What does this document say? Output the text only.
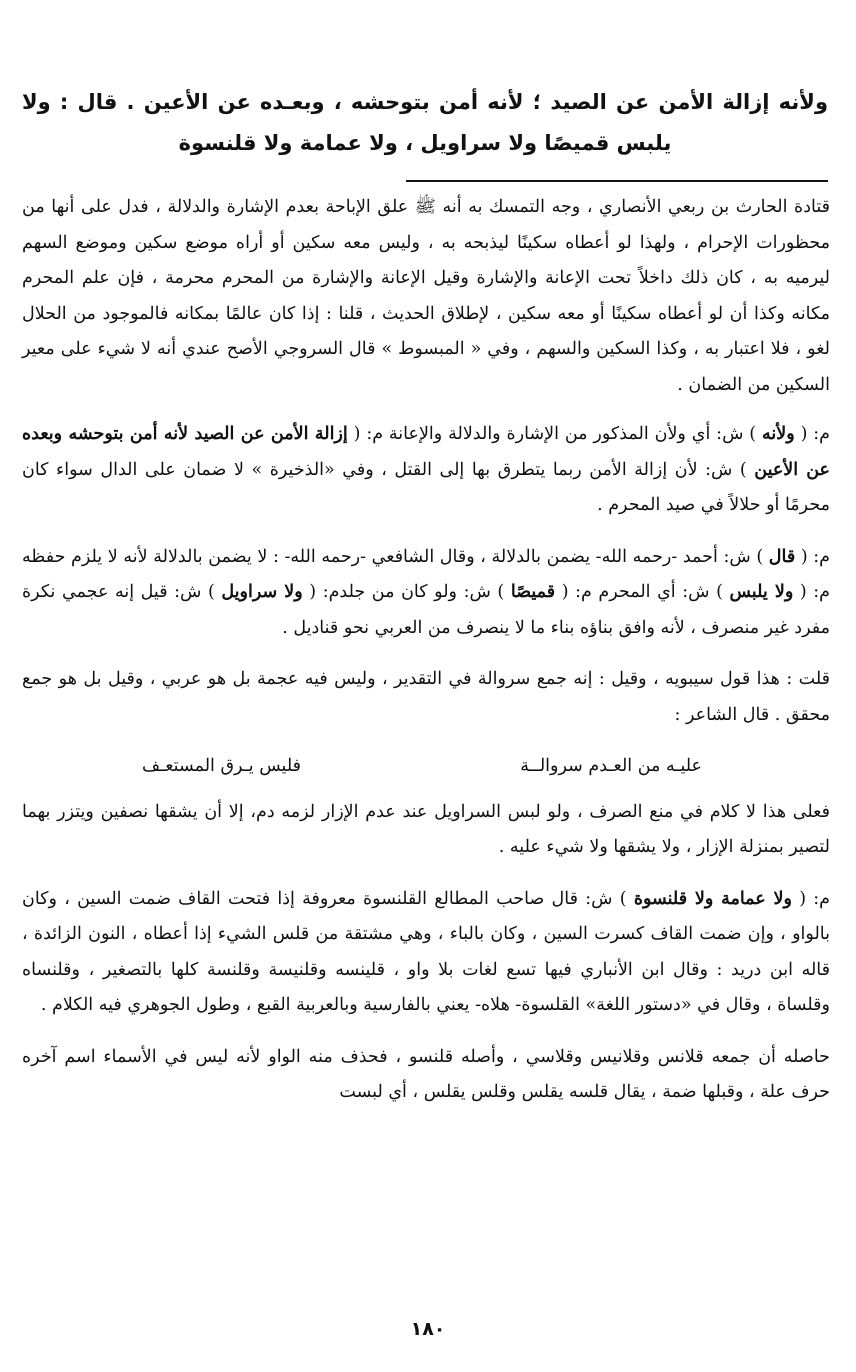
ولأنه إزالة الأمن عن الصيد ؛ لأنه أمن بتوحشه ، وبعـده عن الأعين . قال : ولا يلبس قميصًا ولا سراويل ، ولا عمامة ولا قلنسوة

قتادة الحارث بن ربعي الأنصاري ، وجه التمسك به أنه ﷺ علق الإباحة بعدم الإشارة والدلالة ، فدل على أنها من محظورات الإحرام ، ولهذا لو أعطاه سكينًا ليذبحه به ، وليس معه سكين أو أراه موضع سكين وموضع السهم ليرميه به ، كان ذلك داخلاً تحت الإعانة والإشارة وقيل الإعانة والإشارة من المحرم محرمة ، فإن علم المحرم مكانه وكذا أن لو أعطاه سكينًا أو معه سكين ، لإطلاق الحديث ، قلنا : إذا كان عالمًا بمكانه فالموجود من الحلال لغو ، فلا اعتبار به ، وكذا السكين والسهم ، وفي « المبسوط » قال السروجي الأصح عندي أنه لا شيء على معير السكين من الضمان .

م: ( ولأنه ) ش: أي ولأن المذكور من الإشارة والدلالة والإعانة م: ( إزالة الأمن عن الصيد لأنه أمن بتوحشه وبعده عن الأعين ) ش: لأن إزالة الأمن ربما يتطرق بها إلى القتل ، وفي «الذخيرة » لا ضمان على الدال سواء كان محرمًا أو حلالاً في صيد المحرم .

م: ( قال ) ش: أحمد -رحمه الله- يضمن بالدلالة ، وقال الشافعي -رحمه الله- : لا يضمن بالدلالة لأنه لا يلزم حفظه م: ( ولا يلبس ) ش: أي المحرم م: ( قميصًا ) ش: ولو كان من جلدم: ( ولا سراويل ) ش: قيل إنه عجمي نكرة مفرد غير منصرف ، لأنه وافق بناؤه بناء ما لا ينصرف من العربي نحو قناديل .

قلت : هذا قول سيبويه ، وقيل : إنه جمع سروالة في التقدير ، وليس فيه عجمة بل هو عربي ، وقيل بل هو جمع محقق . قال الشاعر :

عليـه من العـدم سروالــة
فليس يـرق المستعـف

فعلى هذا لا كلام في منع الصرف ، ولو لبس السراويل عند عدم الإزار لزمه دم، إلا أن يشقها نصفين ويتزر بهما لتصير بمنزلة الإزار ، ولا يشقها ولا شيء عليه .

م: ( ولا عمامة ولا قلنسوة ) ش: قال صاحب المطالع القلنسوة معروفة إذا فتحت القاف ضمت السين ، وكان بالواو ، وإن ضمت القاف كسرت السين ، وكان بالباء ، وهي مشتقة من قلس الشيء إذا أعطاه ، النون الزائدة ، قاله ابن دريد : وقال ابن الأنباري فيها تسع لغات بلا واو ، قلينسه وقلنيسة وقلنسة كلها بالتصغير ، وقلنساه وقلساة ، وقال في «دستور اللغة» القلسوة- هلاه- يعني بالفارسية وبالعربية القبع ، وطول الجوهري فيه الكلام .

حاصله أن جمعه قلانس وقلانيس وقلاسي ، وأصله قلنسو ، فحذف منه الواو لأنه ليس في الأسماء اسم آخره حرف علة ، وقبلها ضمة ، يقال قلسه يقلس وقلس يقلس ، أي لبست

١٨٠
